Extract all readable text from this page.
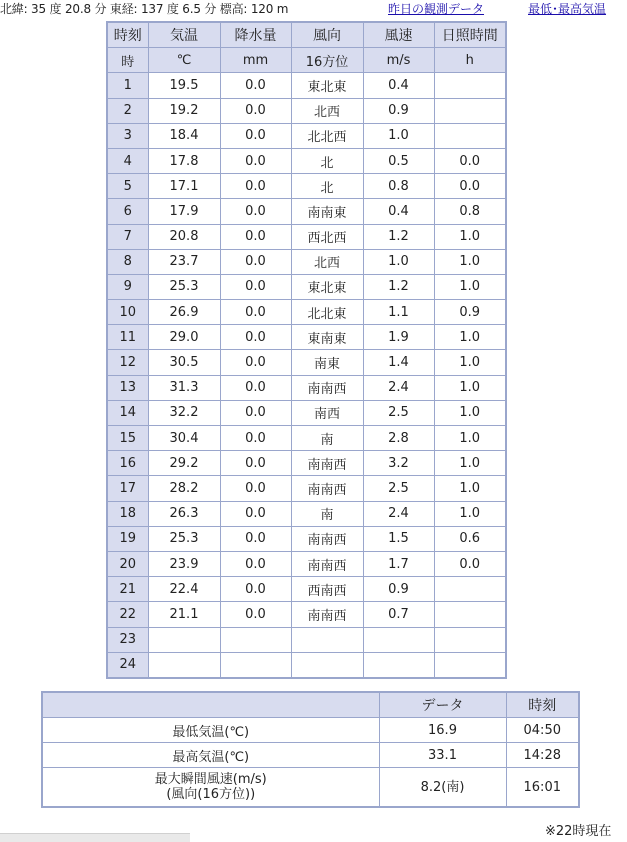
北緯: 35 度 20.8 分 東経: 137 度 6.5 分 標高: 120 m	昨日の観測データ	最低･最高気温
時刻	気温	降水量	風向	風速	日照時間
時	℃	mm	16方位	m/s	h
1	19.5	0.0	東北東	0.4	
2	19.2	0.0	北西	0.9	
3	18.4	0.0	北北西	1.0	
4	17.8	0.0	北	0.5	0.0
5	17.1	0.0	北	0.8	0.0
6	17.9	0.0	南南東	0.4	0.8
7	20.8	0.0	西北西	1.2	1.0
8	23.7	0.0	北西	1.0	1.0
9	25.3	0.0	東北東	1.2	1.0
10	26.9	0.0	北北東	1.1	0.9
11	29.0	0.0	東南東	1.9	1.0
12	30.5	0.0	南東	1.4	1.0
13	31.3	0.0	南南西	2.4	1.0
14	32.2	0.0	南西	2.5	1.0
15	30.4	0.0	南	2.8	1.0
16	29.2	0.0	南南西	3.2	1.0
17	28.2	0.0	南南西	2.5	1.0
18	26.3	0.0	南	2.4	1.0
19	25.3	0.0	南南西	1.5	0.6
20	23.9	0.0	南南西	1.7	0.0
21	22.4	0.0	西南西	0.9	
22	21.1	0.0	南南西	0.7	
23					
24					
	データ	時刻
最低気温(℃)	16.9	04:50
最高気温(℃)	33.1	14:28
最大瞬間風速(m/s)
(風向(16方位))	8.2(南)	16:01
※22時現在
